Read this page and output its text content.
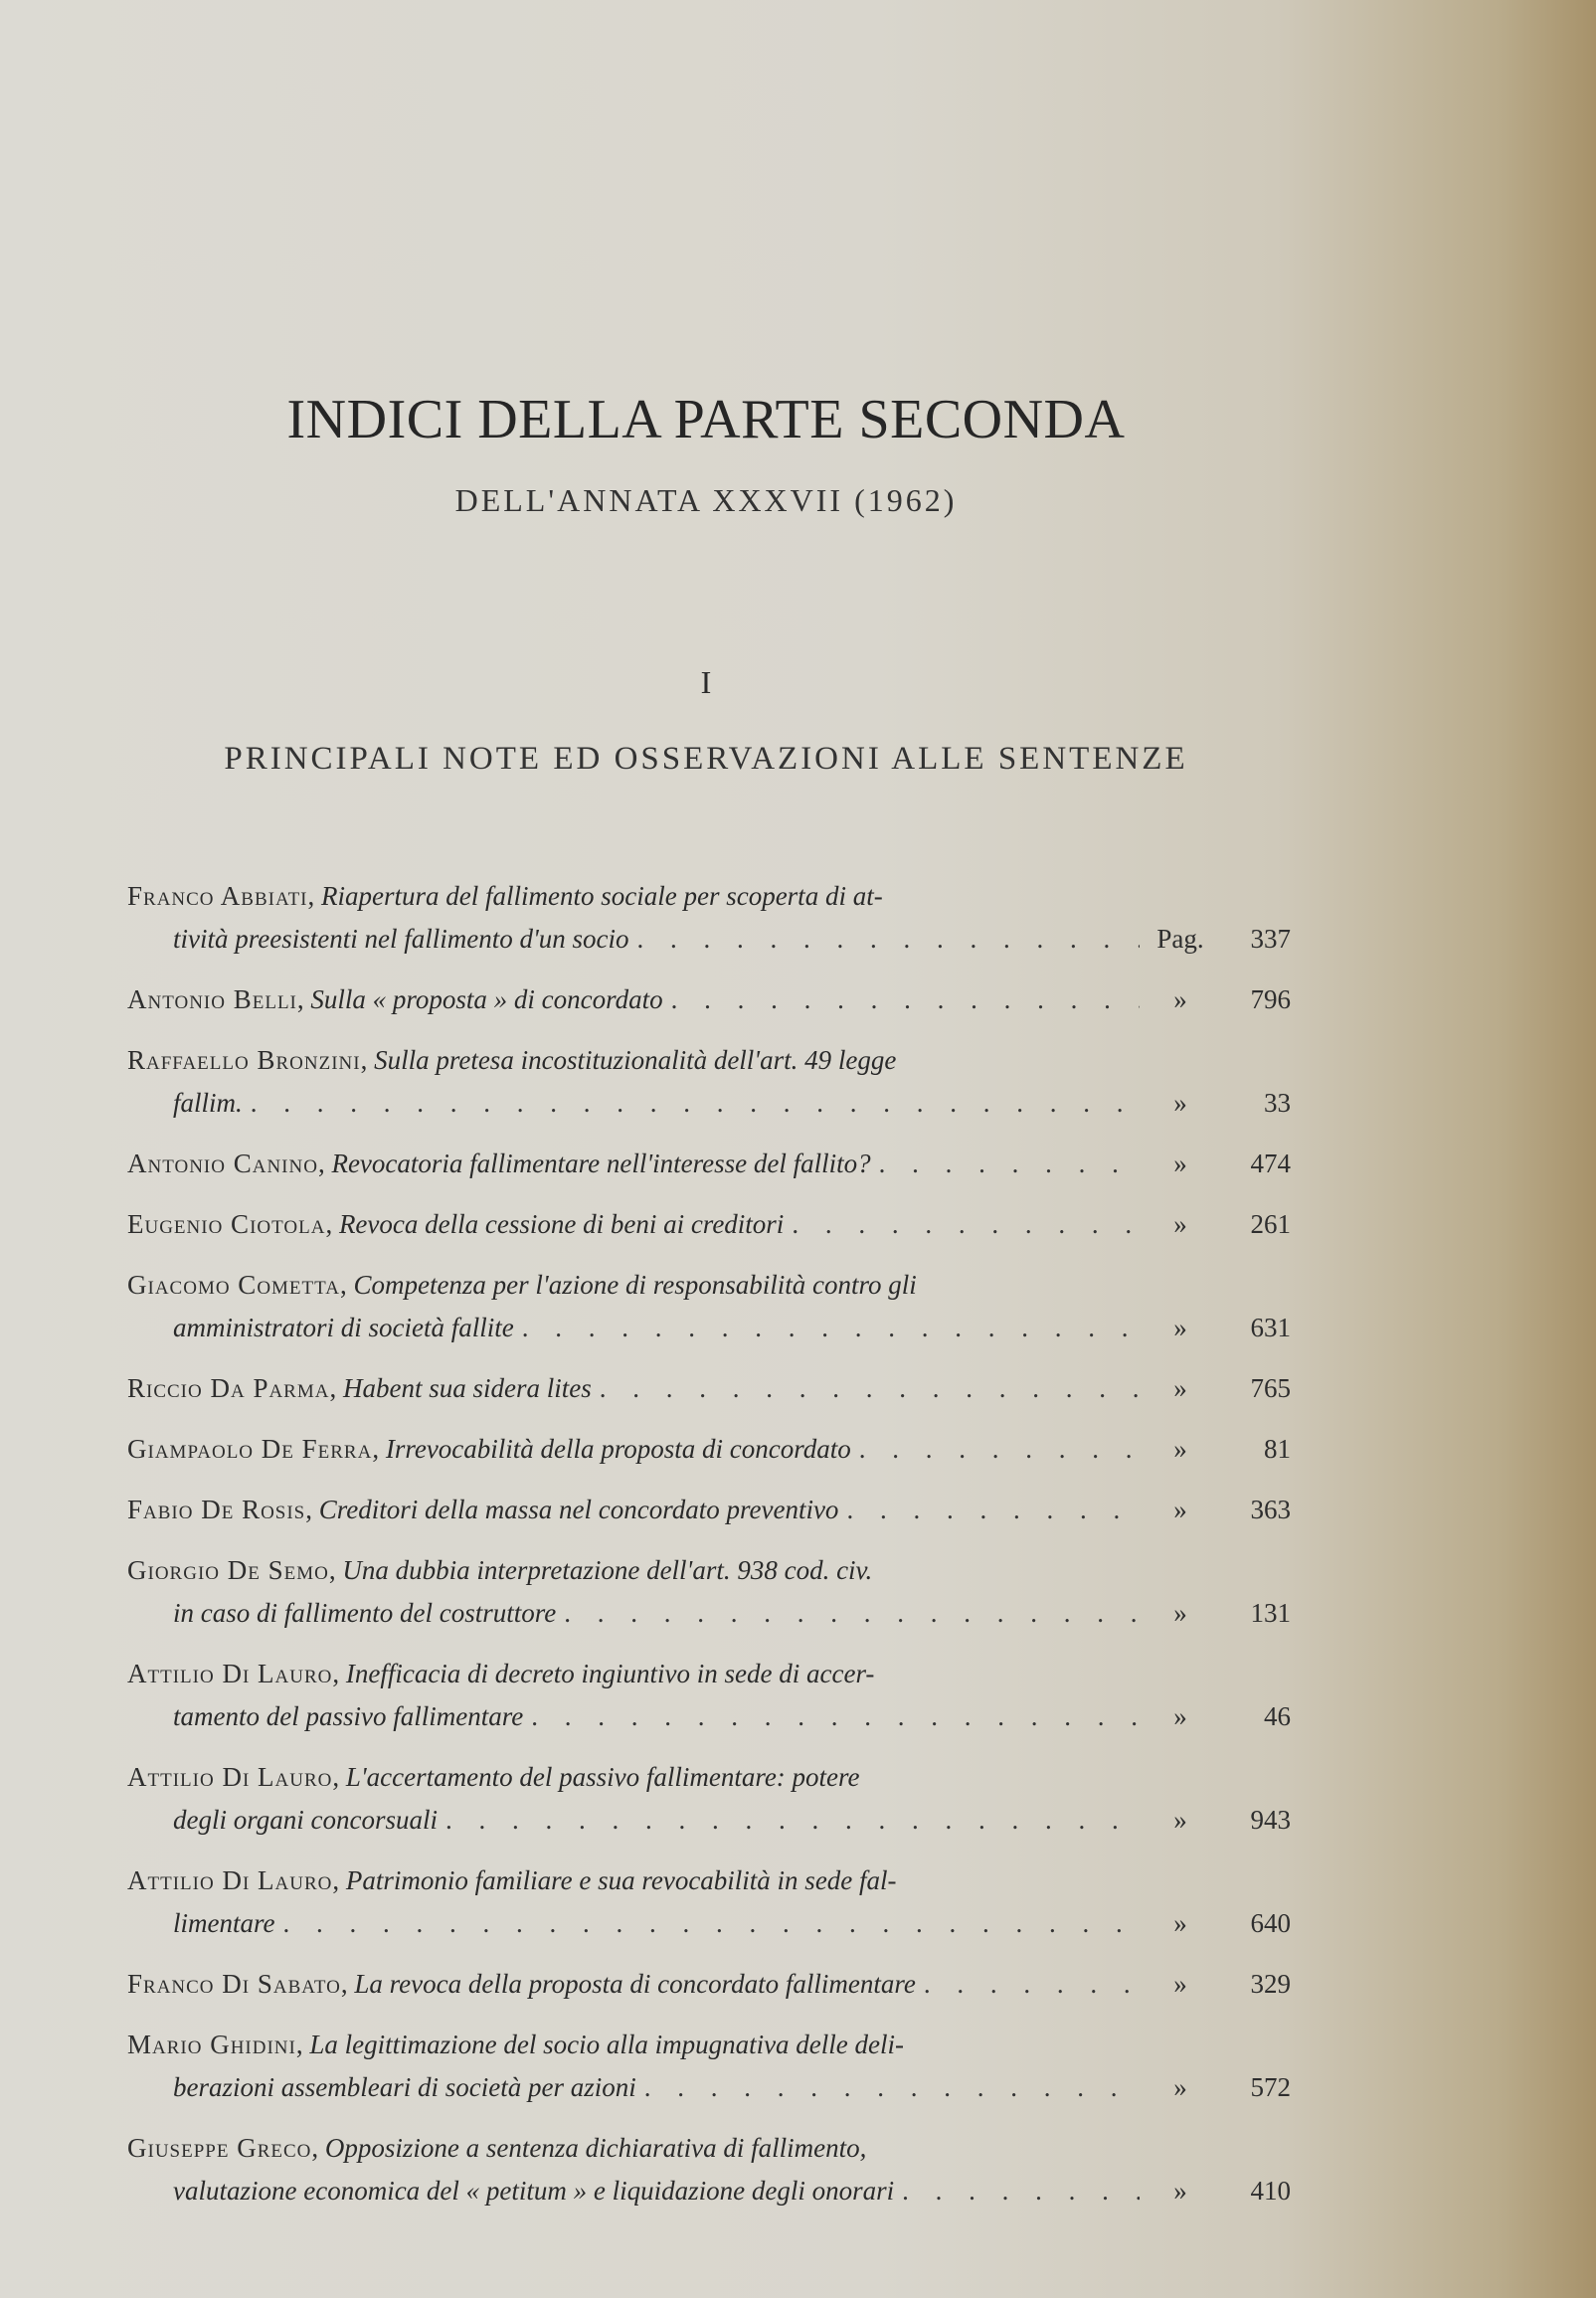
INDICI DELLA PARTE SECONDA
DELL'ANNATA XXXVII (1962)
I
PRINCIPALI NOTE ED OSSERVAZIONI ALLE SENTENZE
Franco Abbiati , Riapertura del fallimento sociale per scoperta di at-
tività preesistenti nel fallimento d'un socio . . .	Pag.	337
Antonio Belli , Sulla « proposta » di concordato . . .	»	796
Raffaello Bronzini , Sulla pretesa incostituzionalità dell'art. 49 legge
fallim. . . .	»	33
Antonio Canino , Revocatoria fallimentare nell'interesse del fallito? . . .	»	474
Eugenio Ciotola , Revoca della cessione di beni ai creditori . . .	»	261
Giacomo Cometta , Competenza per l'azione di responsabilità contro gli
amministratori di società fallite . . .	»	631
Riccio Da Parma , Habent sua sidera lites . . .	»	765
Giampaolo De Ferra , Irrevocabilità della proposta di concordato . . .	»	81
Fabio De Rosis , Creditori della massa nel concordato preventivo . . .	»	363
Giorgio De Semo , Una dubbia interpretazione dell'art. 938 cod. civ.
in caso di fallimento del costruttore . . .	»	131
Attilio Di Lauro , Inefficacia di decreto ingiuntivo in sede di accer-
tamento del passivo fallimentare . . .	»	46
Attilio Di Lauro , L'accertamento del passivo fallimentare: potere
degli organi concorsuali . . .	»	943
Attilio Di Lauro , Patrimonio familiare e sua revocabilità in sede fal-
limentare . . .	»	640
Franco Di Sabato , La revoca della proposta di concordato fallimentare . . .	»	329
Mario Ghidini , La legittimazione del socio alla impugnativa delle deli-
berazioni assembleari di società per azioni . . .	»	572
Giuseppe Greco , Opposizione a sentenza dichiarativa di fallimento,
valutazione economica del « petitum » e liquidazione degli onorari . . .	»	410
